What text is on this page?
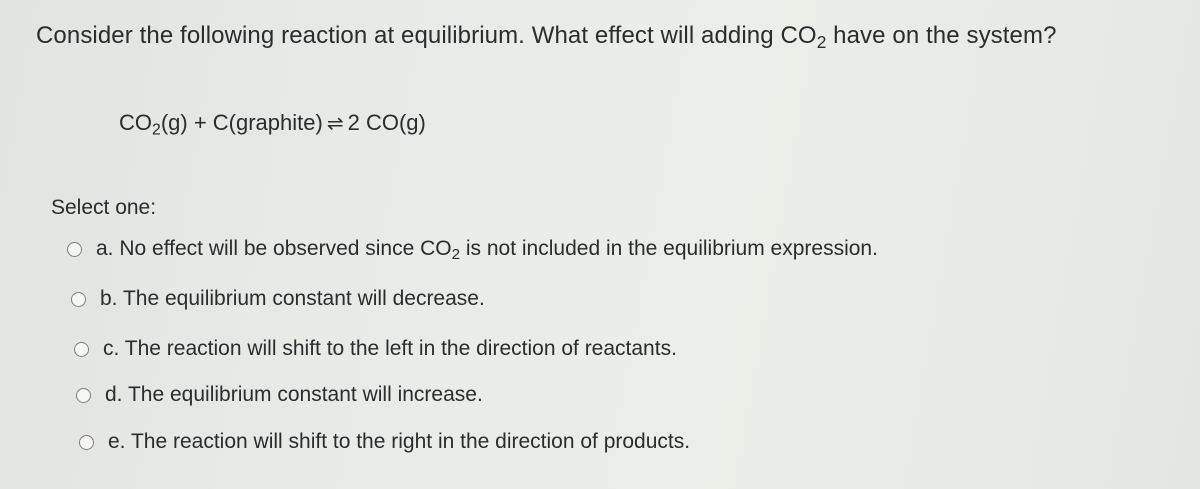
Consider the following reaction at equilibrium. What effect will adding $CO_2$ have on the system?
$CO_2(g)$ + C(graphite) ⇌ 2 CO(g)
Select one:
a. No effect will be observed since $CO_2$ is not included in the equilibrium expression.
b. The equilibrium constant will decrease.
c. The reaction will shift to the left in the direction of reactants.
d. The equilibrium constant will increase.
e. The reaction will shift to the right in the direction of products.
